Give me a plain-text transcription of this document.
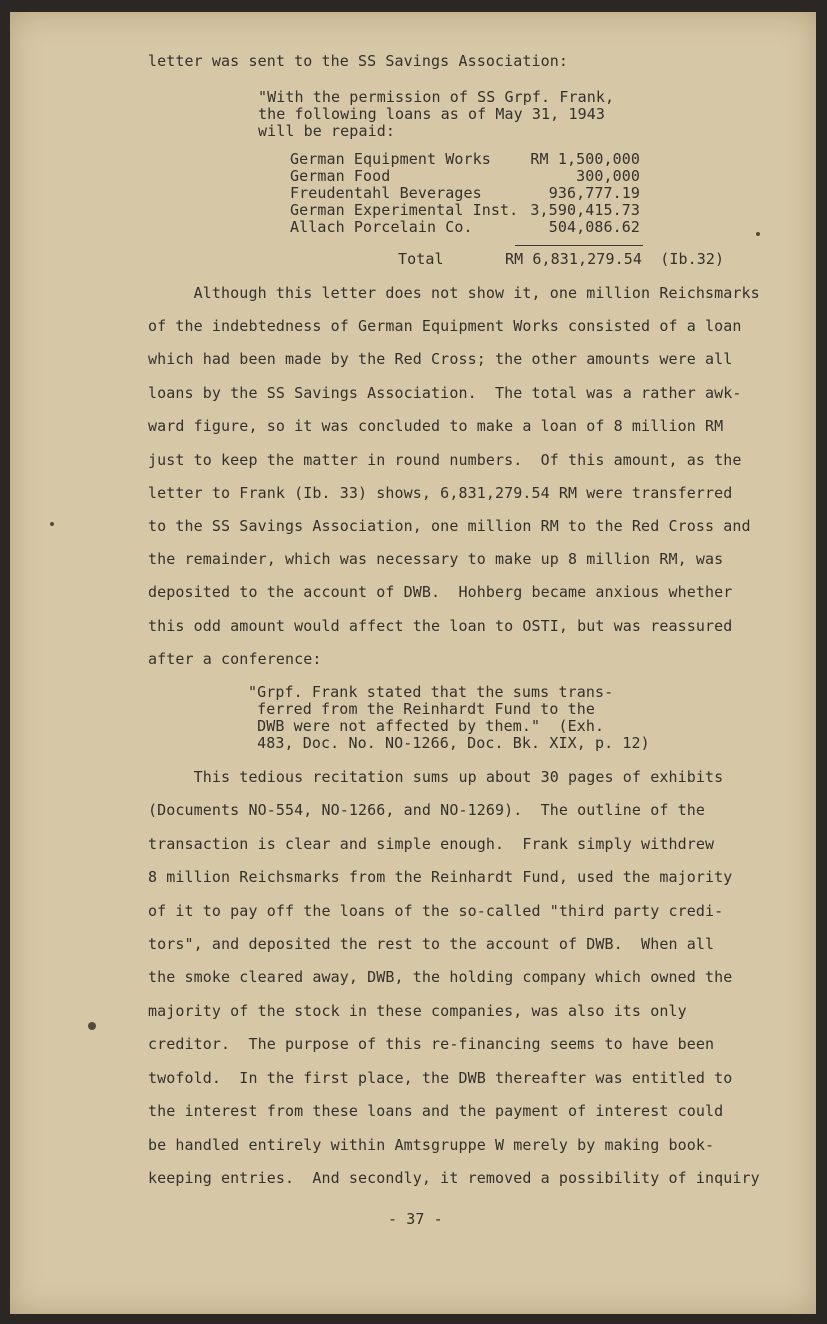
letter was sent to the SS Savings Association:
"With the permission of SS Grpf. Frank,
the following loans as of May 31, 1943
will be repaid:
German Equipment Works	RM 1,500,000
German Food	300,000
Freudentahl Beverages	936,777.19
German Experimental Inst. 3,590,415.73
Allach Porcelain Co.	504,086.62
Total	RM 6,831,279.54  (Ib.32)
Although this letter does not show it, one million Reichsmarks
of the indebtedness of German Equipment Works consisted of a loan
which had been made by the Red Cross; the other amounts were all
loans by the SS Savings Association.  The total was a rather awk-
ward figure, so it was concluded to make a loan of 8 million RM
just to keep the matter in round numbers.  Of this amount, as the
letter to Frank (Ib. 33) shows, 6,831,279.54 RM were transferred
to the SS Savings Association, one million RM to the Red Cross and
the remainder, which was necessary to make up 8 million RM, was
deposited to the account of DWB.  Hohberg became anxious whether
this odd amount would affect the loan to OSTI, but was reassured
after a conference:
"Grpf. Frank stated that the sums trans-
ferred from the Reinhardt Fund to the
DWB were not affected by them."  (Exh.
483, Doc. No. NO-1266, Doc. Bk. XIX, p. 12)
This tedious recitation sums up about 30 pages of exhibits
(Documents NO-554, NO-1266, and NO-1269).  The outline of the
transaction is clear and simple enough.  Frank simply withdrew
8 million Reichsmarks from the Reinhardt Fund, used the majority
of it to pay off the loans of the so-called "third party credi-
tors", and deposited the rest to the account of DWB.  When all
the smoke cleared away, DWB, the holding company which owned the
majority of the stock in these companies, was also its only
creditor.  The purpose of this re-financing seems to have been
twofold.  In the first place, the DWB thereafter was entitled to
the interest from these loans and the payment of interest could
be handled entirely within Amtsgruppe W merely by making book-
keeping entries.  And secondly, it removed a possibility of inquiry
- 37 -
